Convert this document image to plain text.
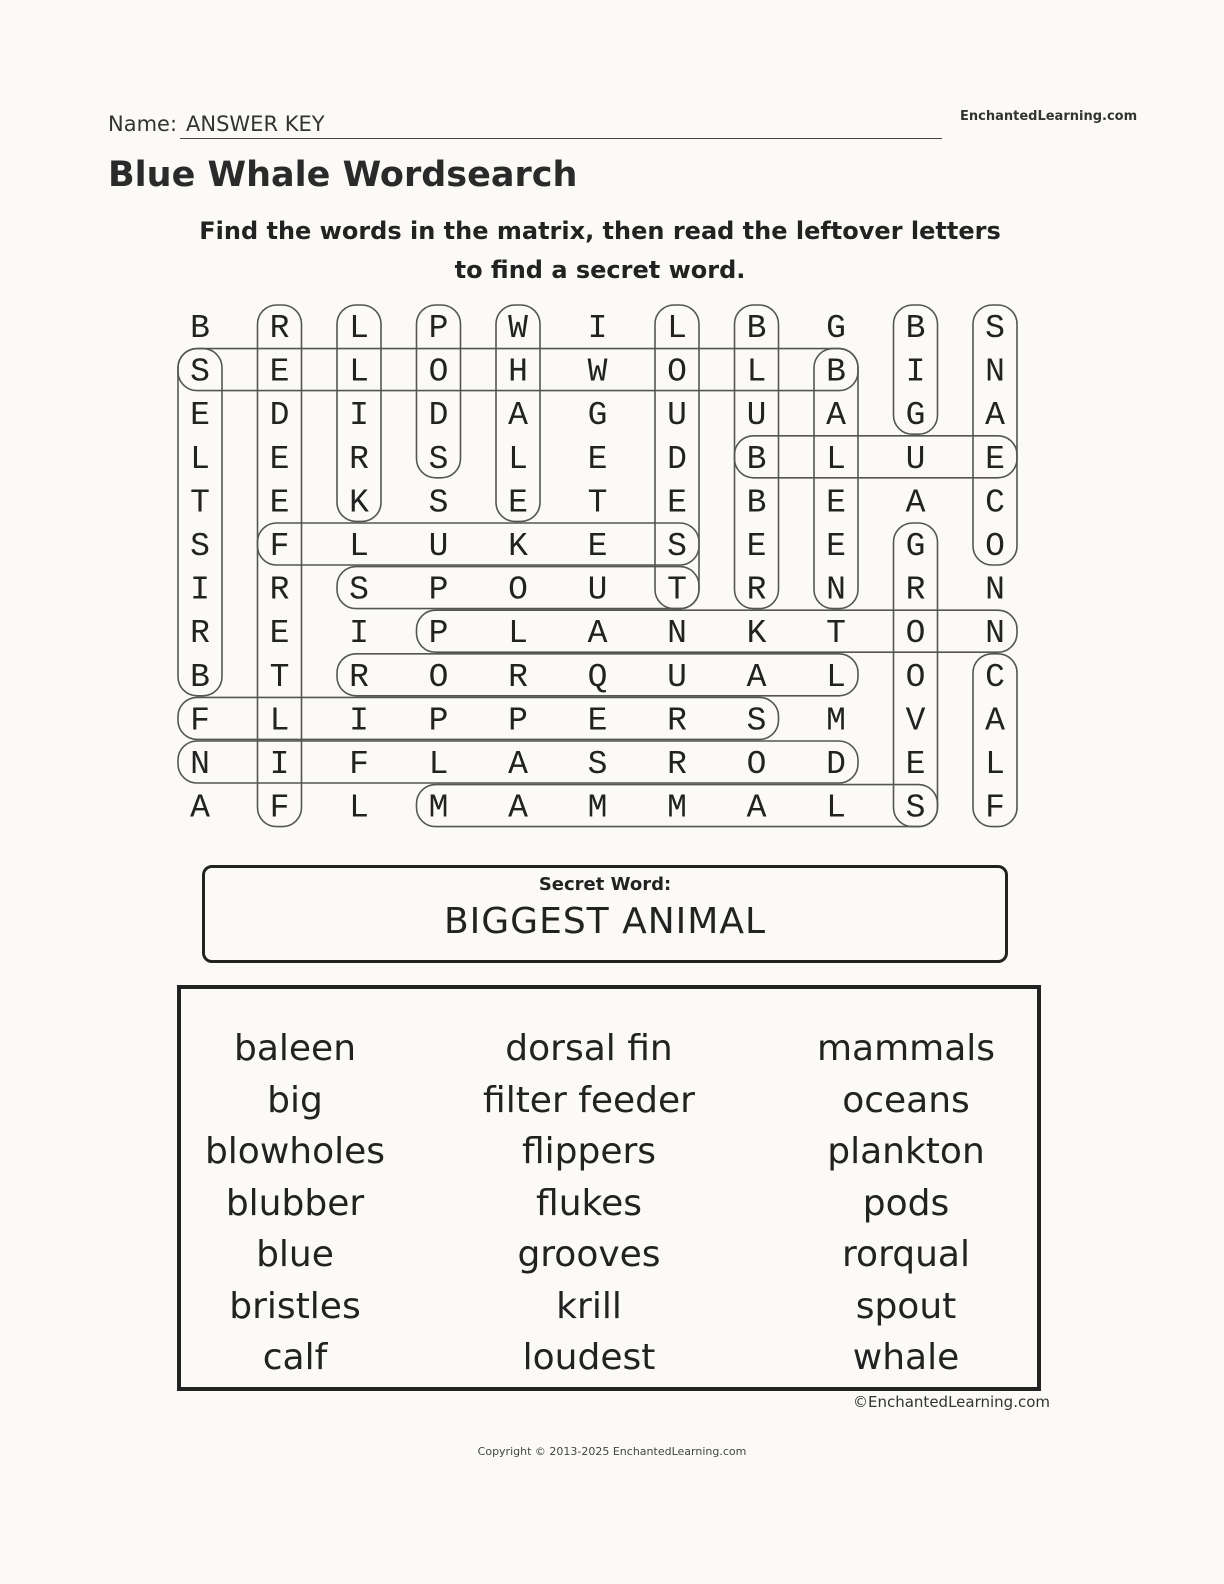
Name: ANSWER KEY	EnchantedLearning.com
Blue Whale Wordsearch
Find the words in the matrix, then read the leftover letters
to find a secret word.
B R L P W I L B G B S
S E L O H W O L B I N
E D I D A G U U A G A
L E R S L E D B L U E
T E K S E T E B E A C
S F L U K E S E E G O
I R S P O U T R N R N
R E I P L A N K T O N
B T R O R Q U A L O C
F L I P P E R S M V A
N I F L A S R O D E L
A F L M A M M A L S F
Secret Word:
BIGGEST ANIMAL
baleen
big
blowholes
blubber
blue
bristles
calf
dorsal fin
filter feeder
flippers
flukes
grooves
krill
loudest
mammals
oceans
plankton
pods
rorqual
spout
whale
©EnchantedLearning.com
Copyright © 2013-2025 EnchantedLearning.com
